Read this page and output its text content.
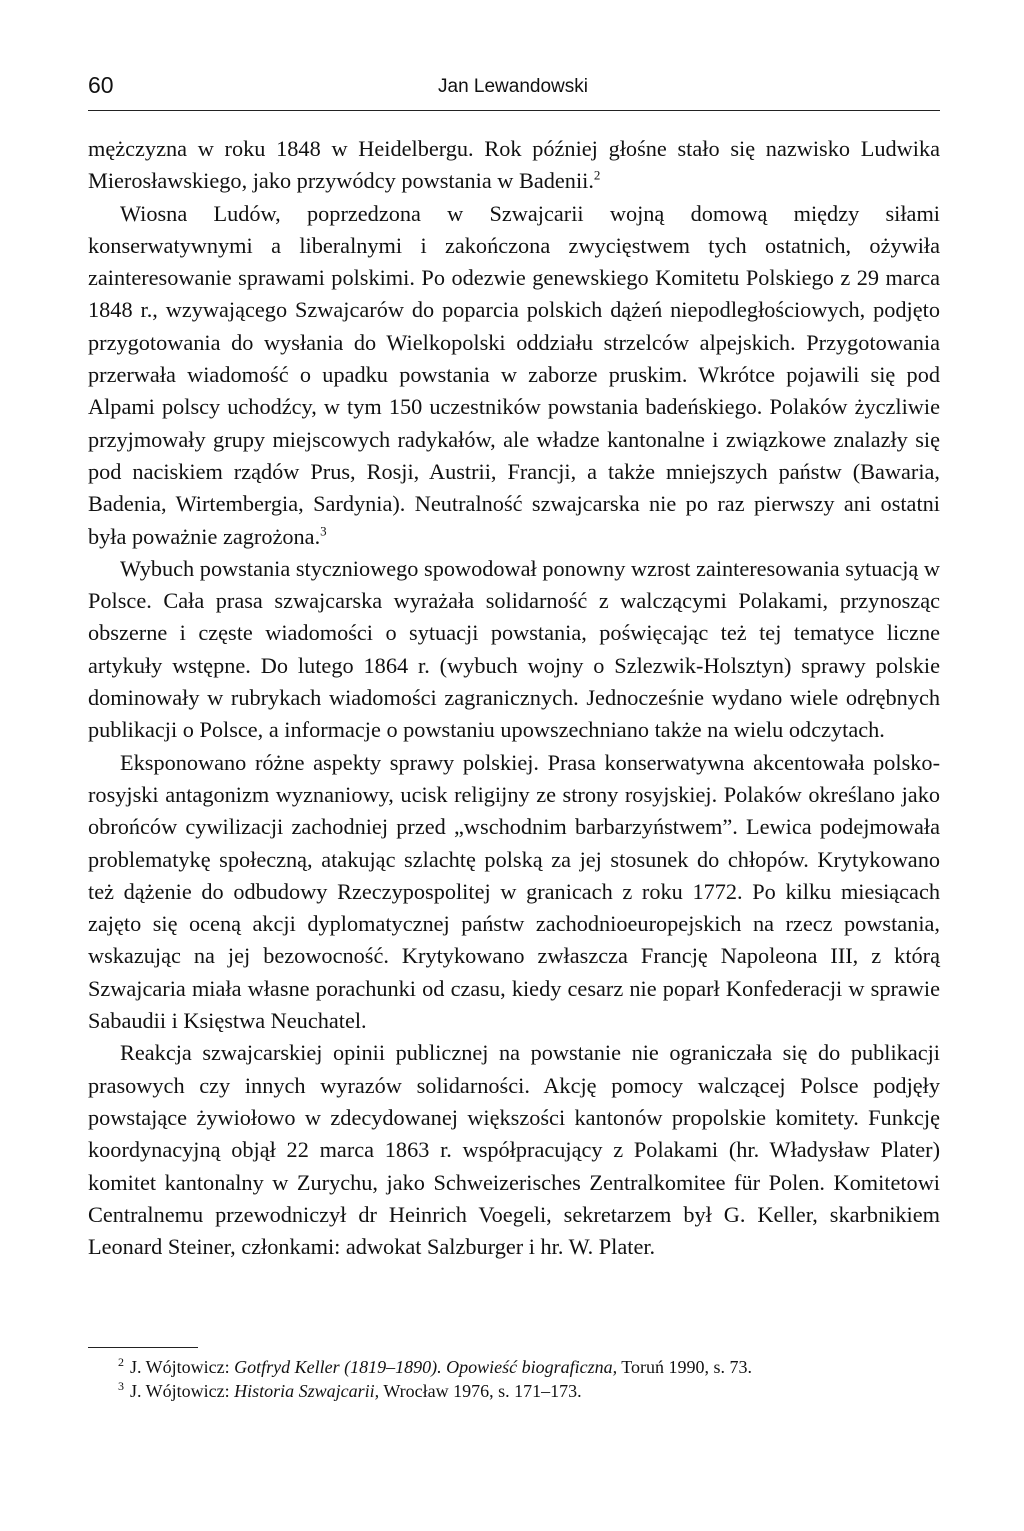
60	Jan Lewandowski

mężczyzna w roku 1848 w Heidelbergu. Rok później głośne stało się nazwisko Ludwika Mierosławskiego, jako przywódcy powstania w Badenii.$^2$

Wiosna Ludów, poprzedzona w Szwajcarii wojną domową między siłami konserwatywnymi a liberalnymi i zakończona zwycięstwem tych ostatnich, ożywiła zainteresowanie sprawami polskimi. Po odezwie genewskiego Komitetu Polskiego z 29 marca 1848 r., wzywającego Szwajcarów do poparcia polskich dążeń niepodległościowych, podjęto przygotowania do wysłania do Wielkopolski oddziału strzelców alpejskich. Przygotowania przerwała wiadomość o upadku powstania w zaborze pruskim. Wkrótce pojawili się pod Alpami polscy uchodźcy, w tym 150 uczestników powstania badeńskiego. Polaków życzliwie przyjmowały grupy miejscowych radykałów, ale władze kantonalne i związkowe znalazły się pod naciskiem rządów Prus, Rosji, Austrii, Francji, a także mniejszych państw (Bawaria, Badenia, Wirtembergia, Sardynia). Neutralność szwajcarska nie po raz pierwszy ani ostatni była poważnie zagrożona.$^3$

Wybuch powstania styczniowego spowodował ponowny wzrost zainteresowania sytuacją w Polsce. Cała prasa szwajcarska wyrażała solidarność z walczącymi Polakami, przynosząc obszerne i częste wiadomości o sytuacji powstania, poświęcając też tej tematyce liczne artykuły wstępne. Do lutego 1864 r. (wybuch wojny o Szlezwik-Holsztyn) sprawy polskie dominowały w rubrykach wiadomości zagranicznych. Jednocześnie wydano wiele odrębnych publikacji o Polsce, a informacje o powstaniu upowszechniano także na wielu odczytach.

Eksponowano różne aspekty sprawy polskiej. Prasa konserwatywna akcentowała polsko-rosyjski antagonizm wyznaniowy, ucisk religijny ze strony rosyjskiej. Polaków określano jako obrońców cywilizacji zachodniej przed „wschodnim barbarzyństwem”. Lewica podejmowała problematykę społeczną, atakując szlachtę polską za jej stosunek do chłopów. Krytykowano też dążenie do odbudowy Rzeczypospolitej w granicach z roku 1772. Po kilku miesiącach zajęto się oceną akcji dyplomatycznej państw zachodnioeuropejskich na rzecz powstania, wskazując na jej bezowocność. Krytykowano zwłaszcza Francję Napoleona III, z którą Szwajcaria miała własne porachunki od czasu, kiedy cesarz nie poparł Konfederacji w sprawie Sabaudii i Księstwa Neuchatel.

Reakcja szwajcarskiej opinii publicznej na powstanie nie ograniczała się do publikacji prasowych czy innych wyrazów solidarności. Akcję pomocy walczącej Polsce podjęły powstające żywiołowo w zdecydowanej większości kantonów propolskie komitety. Funkcję koordynacyjną objął 22 marca 1863 r. współpracujący z Polakami (hr. Władysław Plater) komitet kantonalny w Zurychu, jako Schweizerisches Zentralkomitee für Polen. Komitetowi Centralnemu przewodniczył dr Heinrich Voegeli, sekretarzem był G. Keller, skarbnikiem Leonard Steiner, członkami: adwokat Salzburger i hr. W. Plater.

$^2$ J. Wójtowicz: Gotfryd Keller (1819–1890). Opowieść biograficzna, Toruń 1990, s. 73.
$^3$ J. Wójtowicz: Historia Szwajcarii, Wrocław 1976, s. 171–173.
